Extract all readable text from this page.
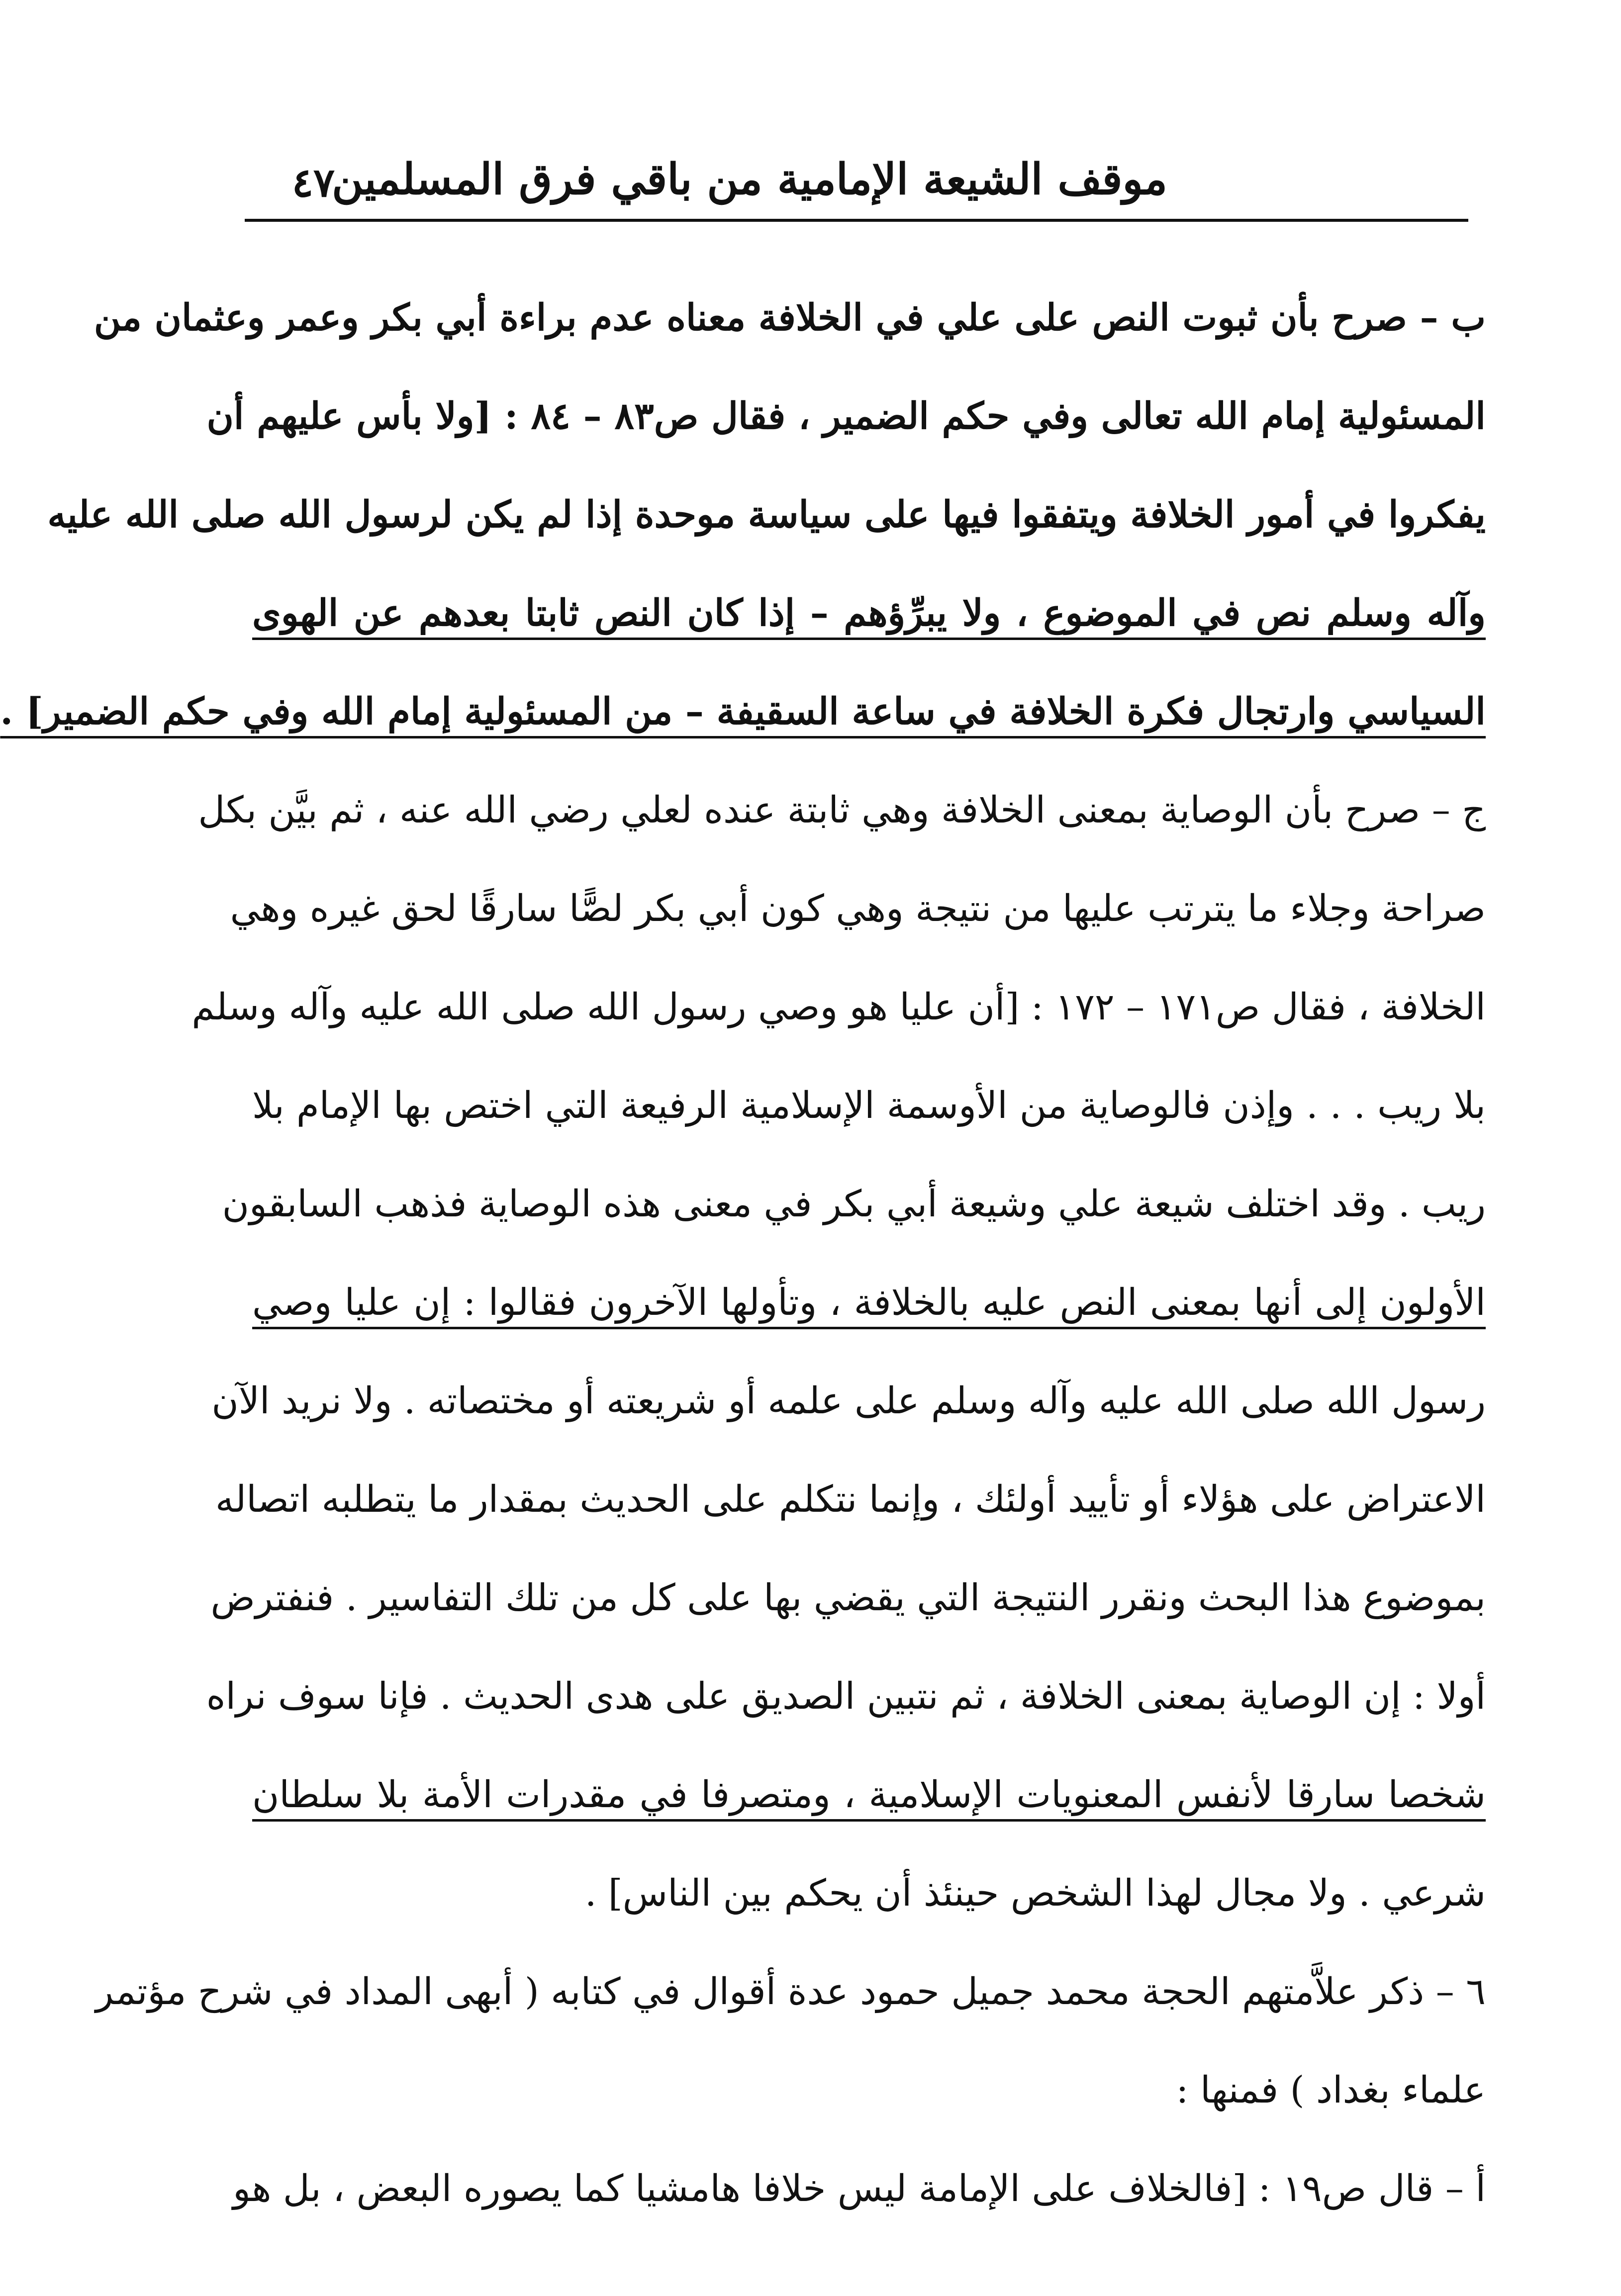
موقف الشيعة الإمامية من باقي فرق المسلمين
٤٧
ب – صرح بأن ثبوت النص على علي في الخلافة معناه عدم براءة أبي بكر وعمر وعثمان من
المسئولية إمام الله تعالى وفي حكم الضمير ، فقال ص٨٣ – ٨٤ : [ولا بأس عليهم أن
يفكروا في أمور الخلافة ويتفقوا فيها على سياسة موحدة إذا لم يكن لرسول الله صلى الله عليه
وآله وسلم نص في الموضوع ، ولا يبرِّؤهم – إذا كان النص ثابتا بعدهم عن الهوى
السياسي وارتجال فكرة الخلافة في ساعة السقيفة – من المسئولية إمام الله وفي حكم الضمير] .
ج – صرح بأن الوصاية بمعنى الخلافة وهي ثابتة عنده لعلي رضي الله عنه ، ثم بيَّن بكل
صراحة وجلاء ما يترتب عليها من نتيجة وهي كون أبي بكر لصًّا سارقًا لحق غيره وهي
الخلافة ، فقال ص١٧١ – ١٧٢ : [أن عليا هو وصي رسول الله صلى الله عليه وآله وسلم
بلا ريب . . . وإذن فالوصاية من الأوسمة الإسلامية الرفيعة التي اختص بها الإمام بلا
ريب . وقد اختلف شيعة علي وشيعة أبي بكر في معنى هذه الوصاية فذهب السابقون
الأولون إلى أنها بمعنى النص عليه بالخلافة ، وتأولها الآخرون فقالوا : إن عليا وصي
رسول الله صلى الله عليه وآله وسلم على علمه أو شريعته أو مختصاته . ولا نريد الآن
الاعتراض على هؤلاء أو تأييد أولئك ، وإنما نتكلم على الحديث بمقدار ما يتطلبه اتصاله
بموضوع هذا البحث ونقرر النتيجة التي يقضي بها على كل من تلك التفاسير . فنفترض
أولا : إن الوصاية بمعنى الخلافة ، ثم نتبين الصديق على هدى الحديث . فإنا سوف نراه
شخصا سارقا لأنفس المعنويات الإسلامية ، ومتصرفا في مقدرات الأمة بلا سلطان
شرعي . ولا مجال لهذا الشخص حينئذ أن يحكم بين الناس] .
٦ – ذكر علاَّمتهم الحجة محمد جميل حمود عدة أقوال في كتابه ( أبهى المداد في شرح مؤتمر
علماء بغداد ) فمنها :
أ – قال ص١٩ : [فالخلاف على الإمامة ليس خلافا هامشيا كما يصوره البعض ، بل هو
